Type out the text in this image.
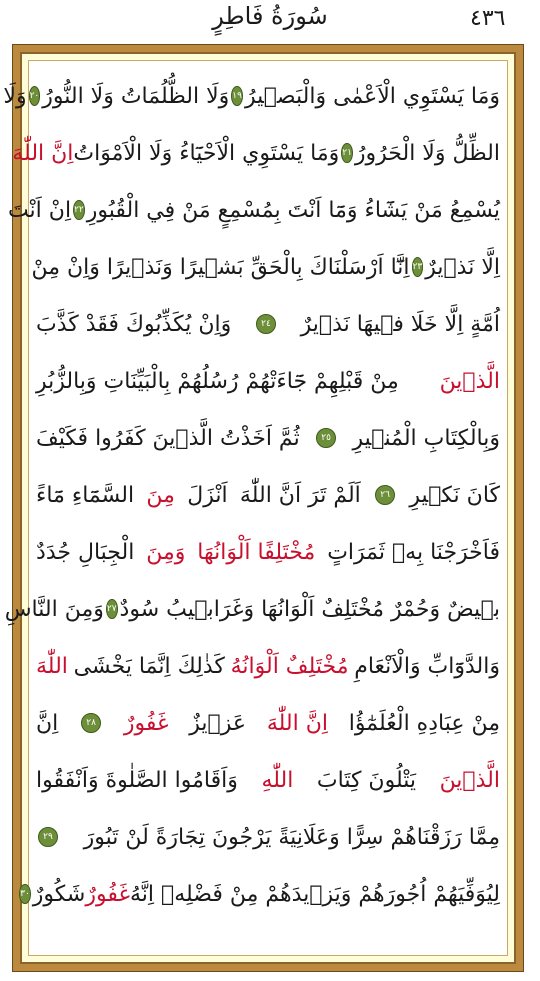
٤٣٦
سُورَةُ فَاطِرٍ
وَمَا يَسْتَوِي الْاَعْمٰى وَالْبَص۪يرُ
١٩
وَلَا الظُّلُمَاتُ وَلَا النُّورُ
٢٠
وَلَا
الظِّلُّ وَلَا الْحَرُورُ
٢١
وَمَا يَسْتَوِي الْاَحْيَٓاءُ وَلَا الْاَمْوَاتُ
اِنَّ اللّٰهَ
يُسْمِعُ مَنْ يَشَٓاءُ وَمَٓا اَنْتَ بِمُسْمِعٍ مَنْ فِي الْقُبُورِ
٢٢
اِنْ اَنْتَ
اِلَّا نَذ۪يرٌ
٢٣
اِنَّٓا اَرْسَلْنَاكَ بِالْحَقِّ بَش۪يرًا وَنَذ۪يرًا وَاِنْ مِنْ
اُمَّةٍ اِلَّا خَلَا ف۪يهَا نَذ۪يرٌ
٢٤
وَاِنْ يُكَذِّبُوكَ فَقَدْ كَذَّبَ
الَّذ۪ينَ
مِنْ قَبْلِهِمْ جَٓاءَتْهُمْ رُسُلُهُمْ بِالْبَيِّنَاتِ وَبِالزُّبُرِ
وَبِالْكِتَابِ الْمُن۪يرِ
٢٥
ثُمَّ اَخَذْتُ الَّذ۪ينَ كَفَرُوا فَكَيْفَ
كَانَ نَك۪يرِ
٢٦
اَلَمْ تَرَ اَنَّ اللّٰهَ
اَنْزَلَ
مِنَ
السَّمَٓاءِ مَٓاءً
فَاَخْرَجْنَا بِه۪ ثَمَرَاتٍ
مُخْتَلِفًا اَلْوَانُهَا
وَمِنَ
الْجِبَالِ جُدَدٌ
ب۪يضٌ وَحُمْرٌ مُخْتَلِفٌ اَلْوَانُهَا وَغَرَاب۪يبُ سُودٌ
٢٧
وَمِنَ النَّاسِ
وَالدَّوَٓابِّ وَالْاَنْعَامِ
مُخْتَلِفٌ اَلْوَانُهُ
كَذٰلِكَ اِنَّمَا يَخْشَى
اللّٰهَ
مِنْ عِبَادِهِ الْعُلَمٰٓؤُا
اِنَّ اللّٰهَ
عَز۪يزٌ
غَفُورٌ
٢٨
اِنَّ
الَّذ۪ينَ
يَتْلُونَ كِتَابَ
اللّٰهِ
وَاَقَامُوا الصَّلٰوةَ وَاَنْفَقُوا
مِمَّا رَزَقْنَاهُمْ سِرًّا وَعَلَانِيَةً يَرْجُونَ تِجَارَةً لَنْ تَبُورَ
٢٩
لِيُوَفِّيَهُمْ اُجُورَهُمْ وَيَز۪يدَهُمْ مِنْ فَضْلِه۪ اِنَّهُ
غَفُورٌ
شَكُورٌ
٣٠
